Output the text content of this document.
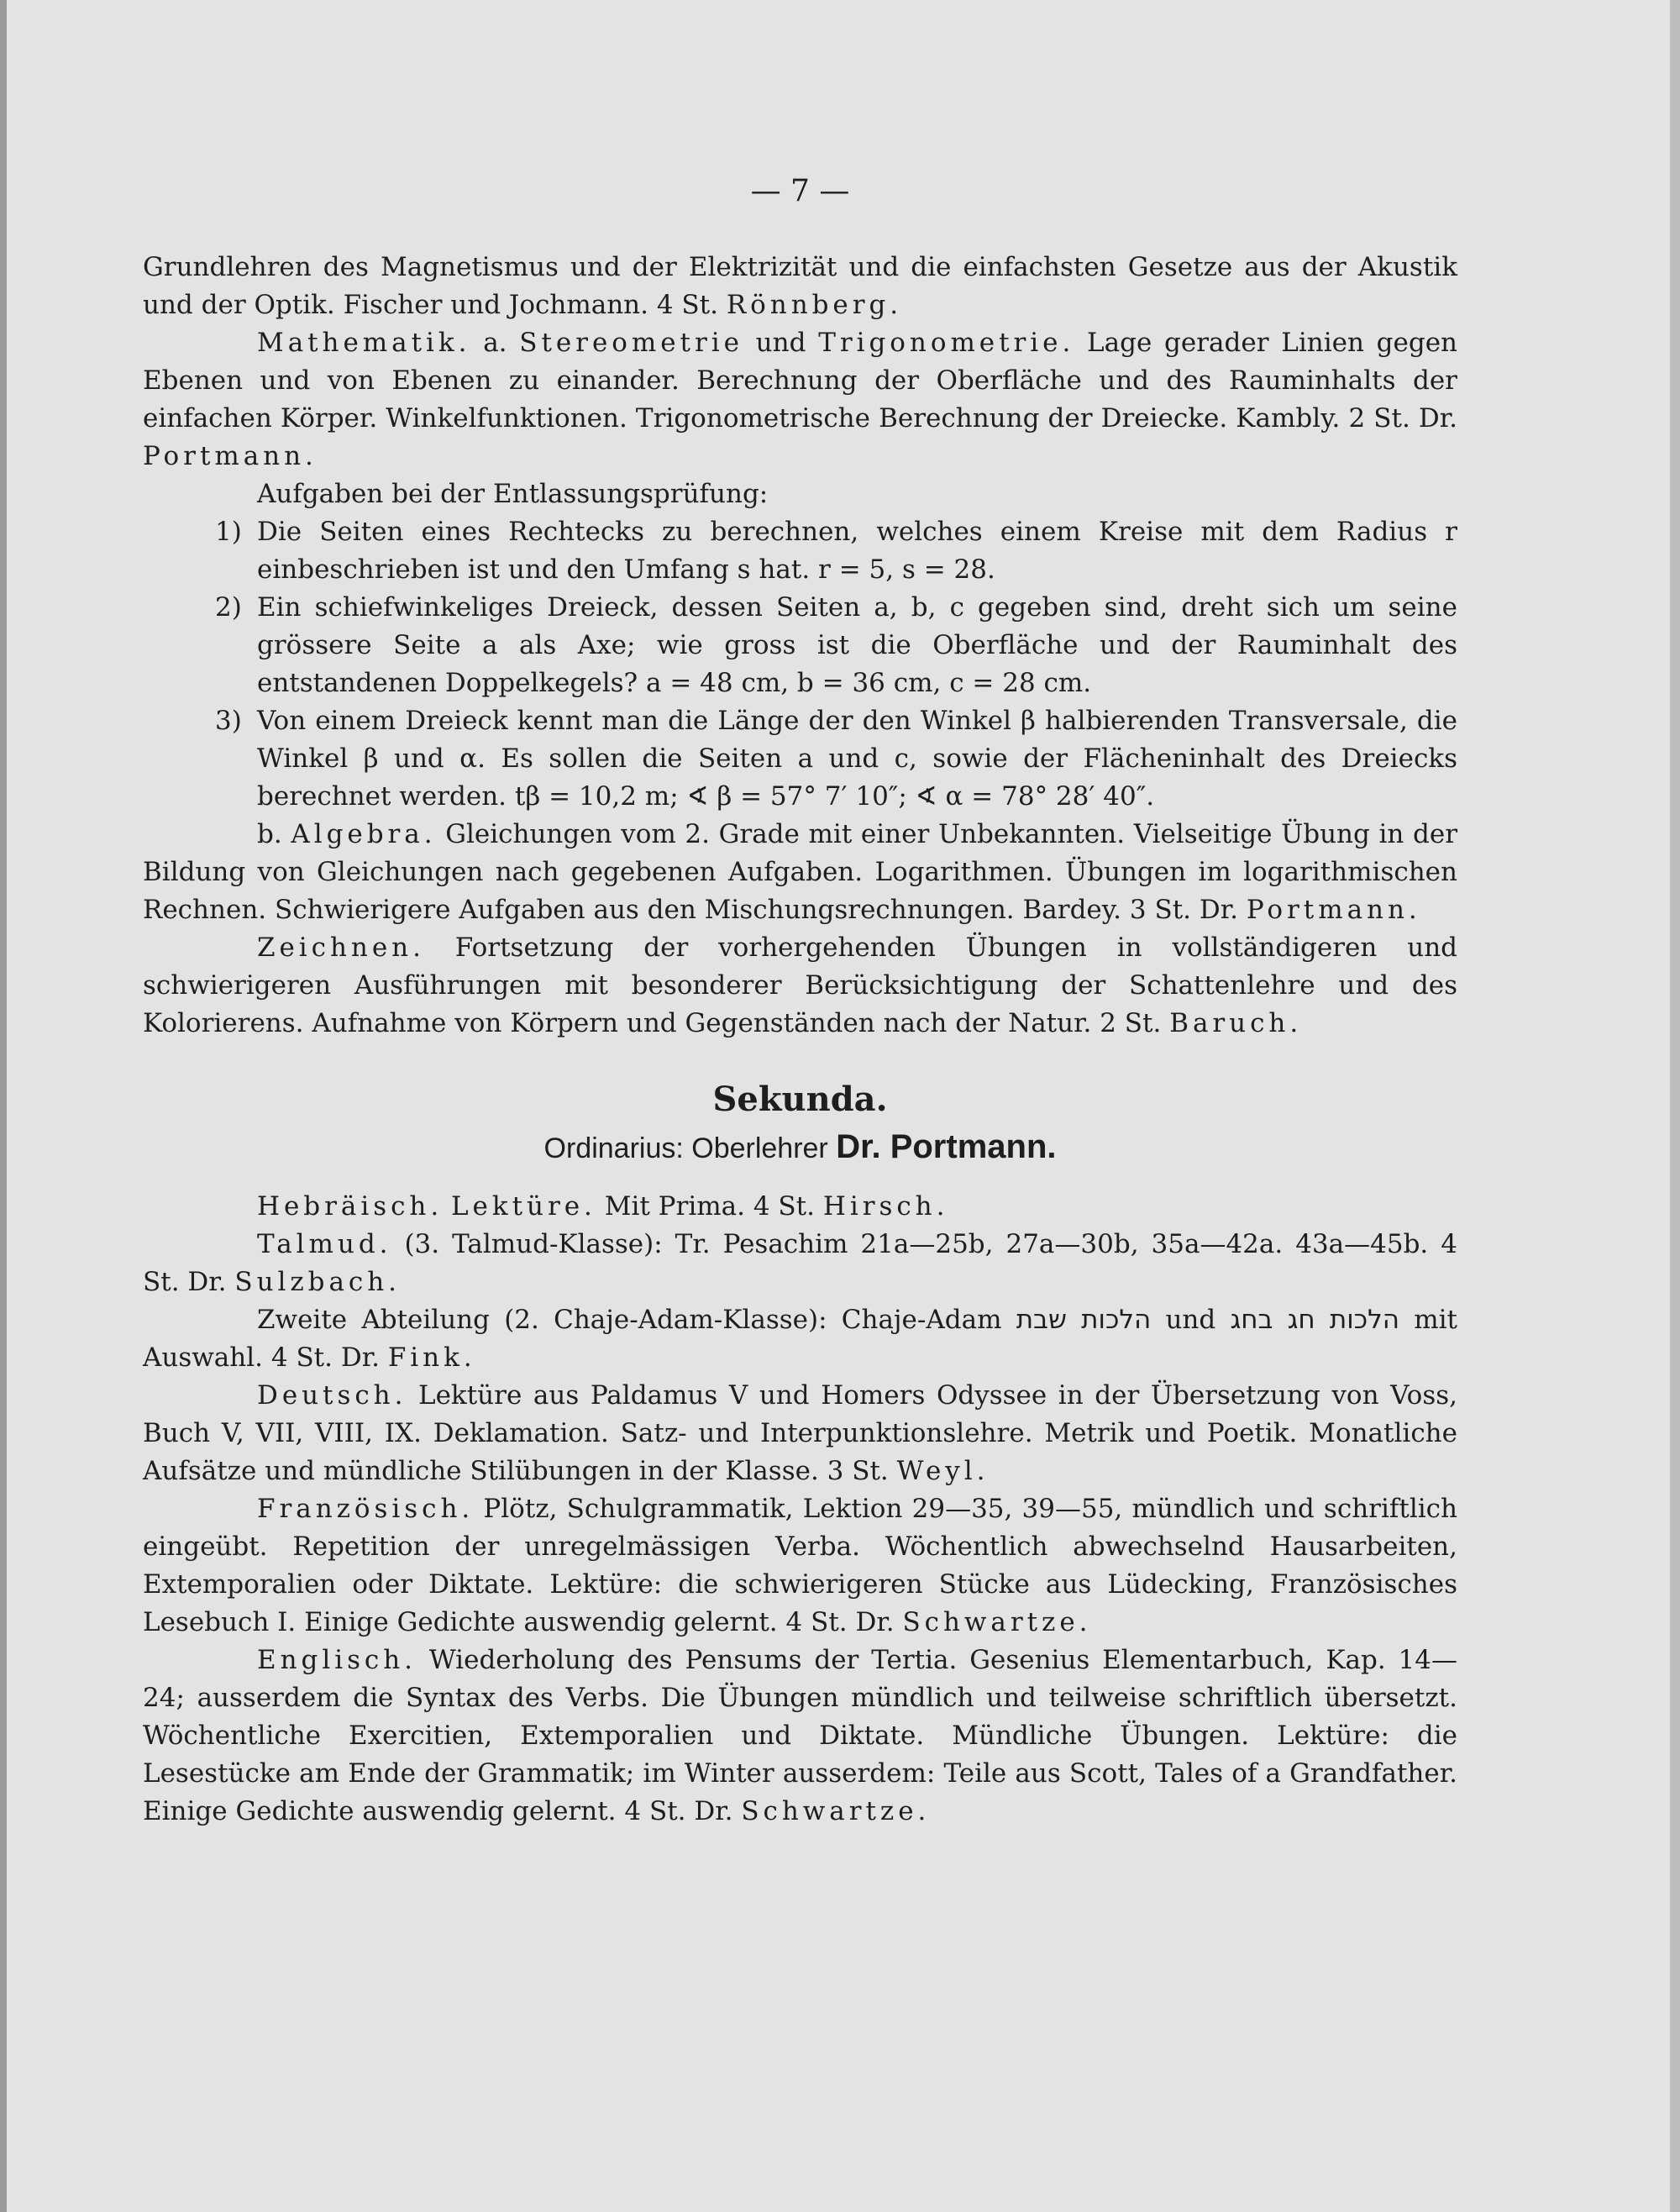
— 7 —

Grundlehren des Magnetismus und der Elektrizität und die einfachsten Gesetze aus der Akustik und der Optik. Fischer und Jochmann. 4 St. Rönnberg.

Mathematik. a. Stereometrie und Trigonometrie. Lage gerader Linien gegen Ebenen und von Ebenen zu einander. Berechnung der Oberfläche und des Rauminhalts der einfachen Körper. Winkelfunktionen. Trigonometrische Berechnung der Dreiecke. Kambly. 2 St. Dr. Portmann.

Aufgaben bei der Entlassungsprüfung:

1) Die Seiten eines Rechtecks zu berechnen, welches einem Kreise mit dem Radius r einbeschrieben ist und den Umfang s hat. r = 5, s = 28.
2) Ein schiefwinkeliges Dreieck, dessen Seiten a, b, c gegeben sind, dreht sich um seine grössere Seite a als Axe; wie gross ist die Oberfläche und der Rauminhalt des entstandenen Doppelkegels? a = 48 cm, b = 36 cm, c = 28 cm.
3) Von einem Dreieck kennt man die Länge der den Winkel β halbierenden Transversale, die Winkel β und α. Es sollen die Seiten a und c, sowie der Flächeninhalt des Dreiecks berechnet werden. tβ = 10,2 m; ∢ β = 57° 7′ 10″; ∢ α = 78° 28′ 40″.

b. Algebra. Gleichungen vom 2. Grade mit einer Unbekannten. Vielseitige Übung in der Bildung von Gleichungen nach gegebenen Aufgaben. Logarithmen. Übungen im logarithmischen Rechnen. Schwierigere Aufgaben aus den Mischungsrechnungen. Bardey. 3 St. Dr. Portmann.

Zeichnen. Fortsetzung der vorhergehenden Übungen in vollständigeren und schwierigeren Ausführungen mit besonderer Berücksichtigung der Schattenlehre und des Kolorierens. Aufnahme von Körpern und Gegenständen nach der Natur. 2 St. Baruch.

Sekunda.
Ordinarius: Oberlehrer Dr. Portmann.

Hebräisch. Lektüre. Mit Prima. 4 St. Hirsch.

Talmud. (3. Talmud-Klasse): Tr. Pesachim 21a—25b, 27a—30b, 35a—42a. 43a—45b. 4 St. Dr. Sulzbach.

Zweite Abteilung (2. Chaje-Adam-Klasse): Chaje-Adam הלכות שבת und הלכות חג בחג mit Auswahl. 4 St. Dr. Fink.

Deutsch. Lektüre aus Paldamus V und Homers Odyssee in der Übersetzung von Voss, Buch V, VII, VIII, IX. Deklamation. Satz- und Interpunktionslehre. Metrik und Poetik. Monatliche Aufsätze und mündliche Stilübungen in der Klasse. 3 St. Weyl.

Französisch. Plötz, Schulgrammatik, Lektion 29—35, 39—55, mündlich und schriftlich eingeübt. Repetition der unregelmässigen Verba. Wöchentlich abwechselnd Hausarbeiten, Extemporalien oder Diktate. Lektüre: die schwierigeren Stücke aus Lüdecking, Französisches Lesebuch I. Einige Gedichte auswendig gelernt. 4 St. Dr. Schwartze.

Englisch. Wiederholung des Pensums der Tertia. Gesenius Elementarbuch, Kap. 14—24; ausserdem die Syntax des Verbs. Die Übungen mündlich und teilweise schriftlich übersetzt. Wöchentliche Exercitien, Extemporalien und Diktate. Mündliche Übungen. Lektüre: die Lesestücke am Ende der Grammatik; im Winter ausserdem: Teile aus Scott, Tales of a Grandfather. Einige Gedichte auswendig gelernt. 4 St. Dr. Schwartze.
